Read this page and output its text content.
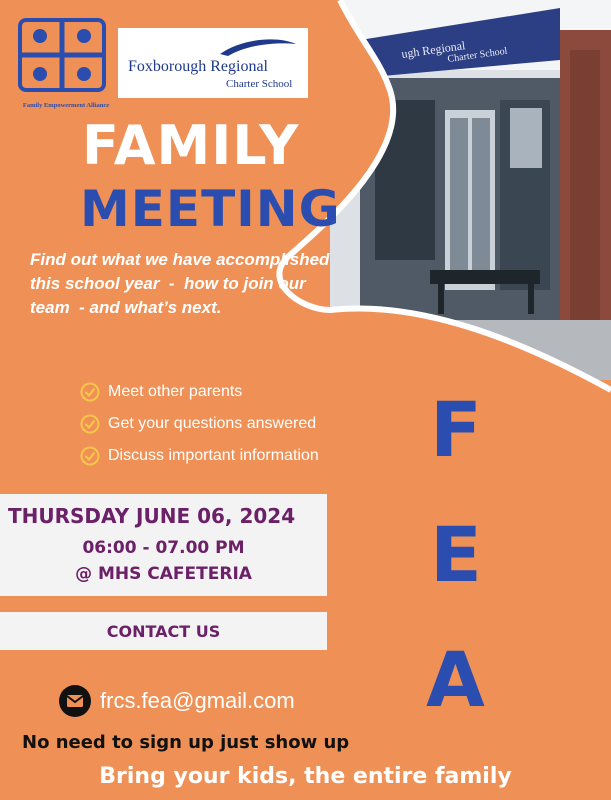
ugh Regional
Charter School
Family Empowerment Alliance
Foxborough Regional
Charter School
FAMILY
MEETING
Find out what we have accomplished this school year  -  how to join our team  - and what’s next.
Meet other parents
Get your questions answered
Discuss important information F
E
A
THURSDAY JUNE 06, 2024
06:00 - 07.00 PM
@ MHS CAFETERIA
CONTACT US
frcs.fea@gmail.com
No need to sign up just show up
Bring your kids, the entire family
